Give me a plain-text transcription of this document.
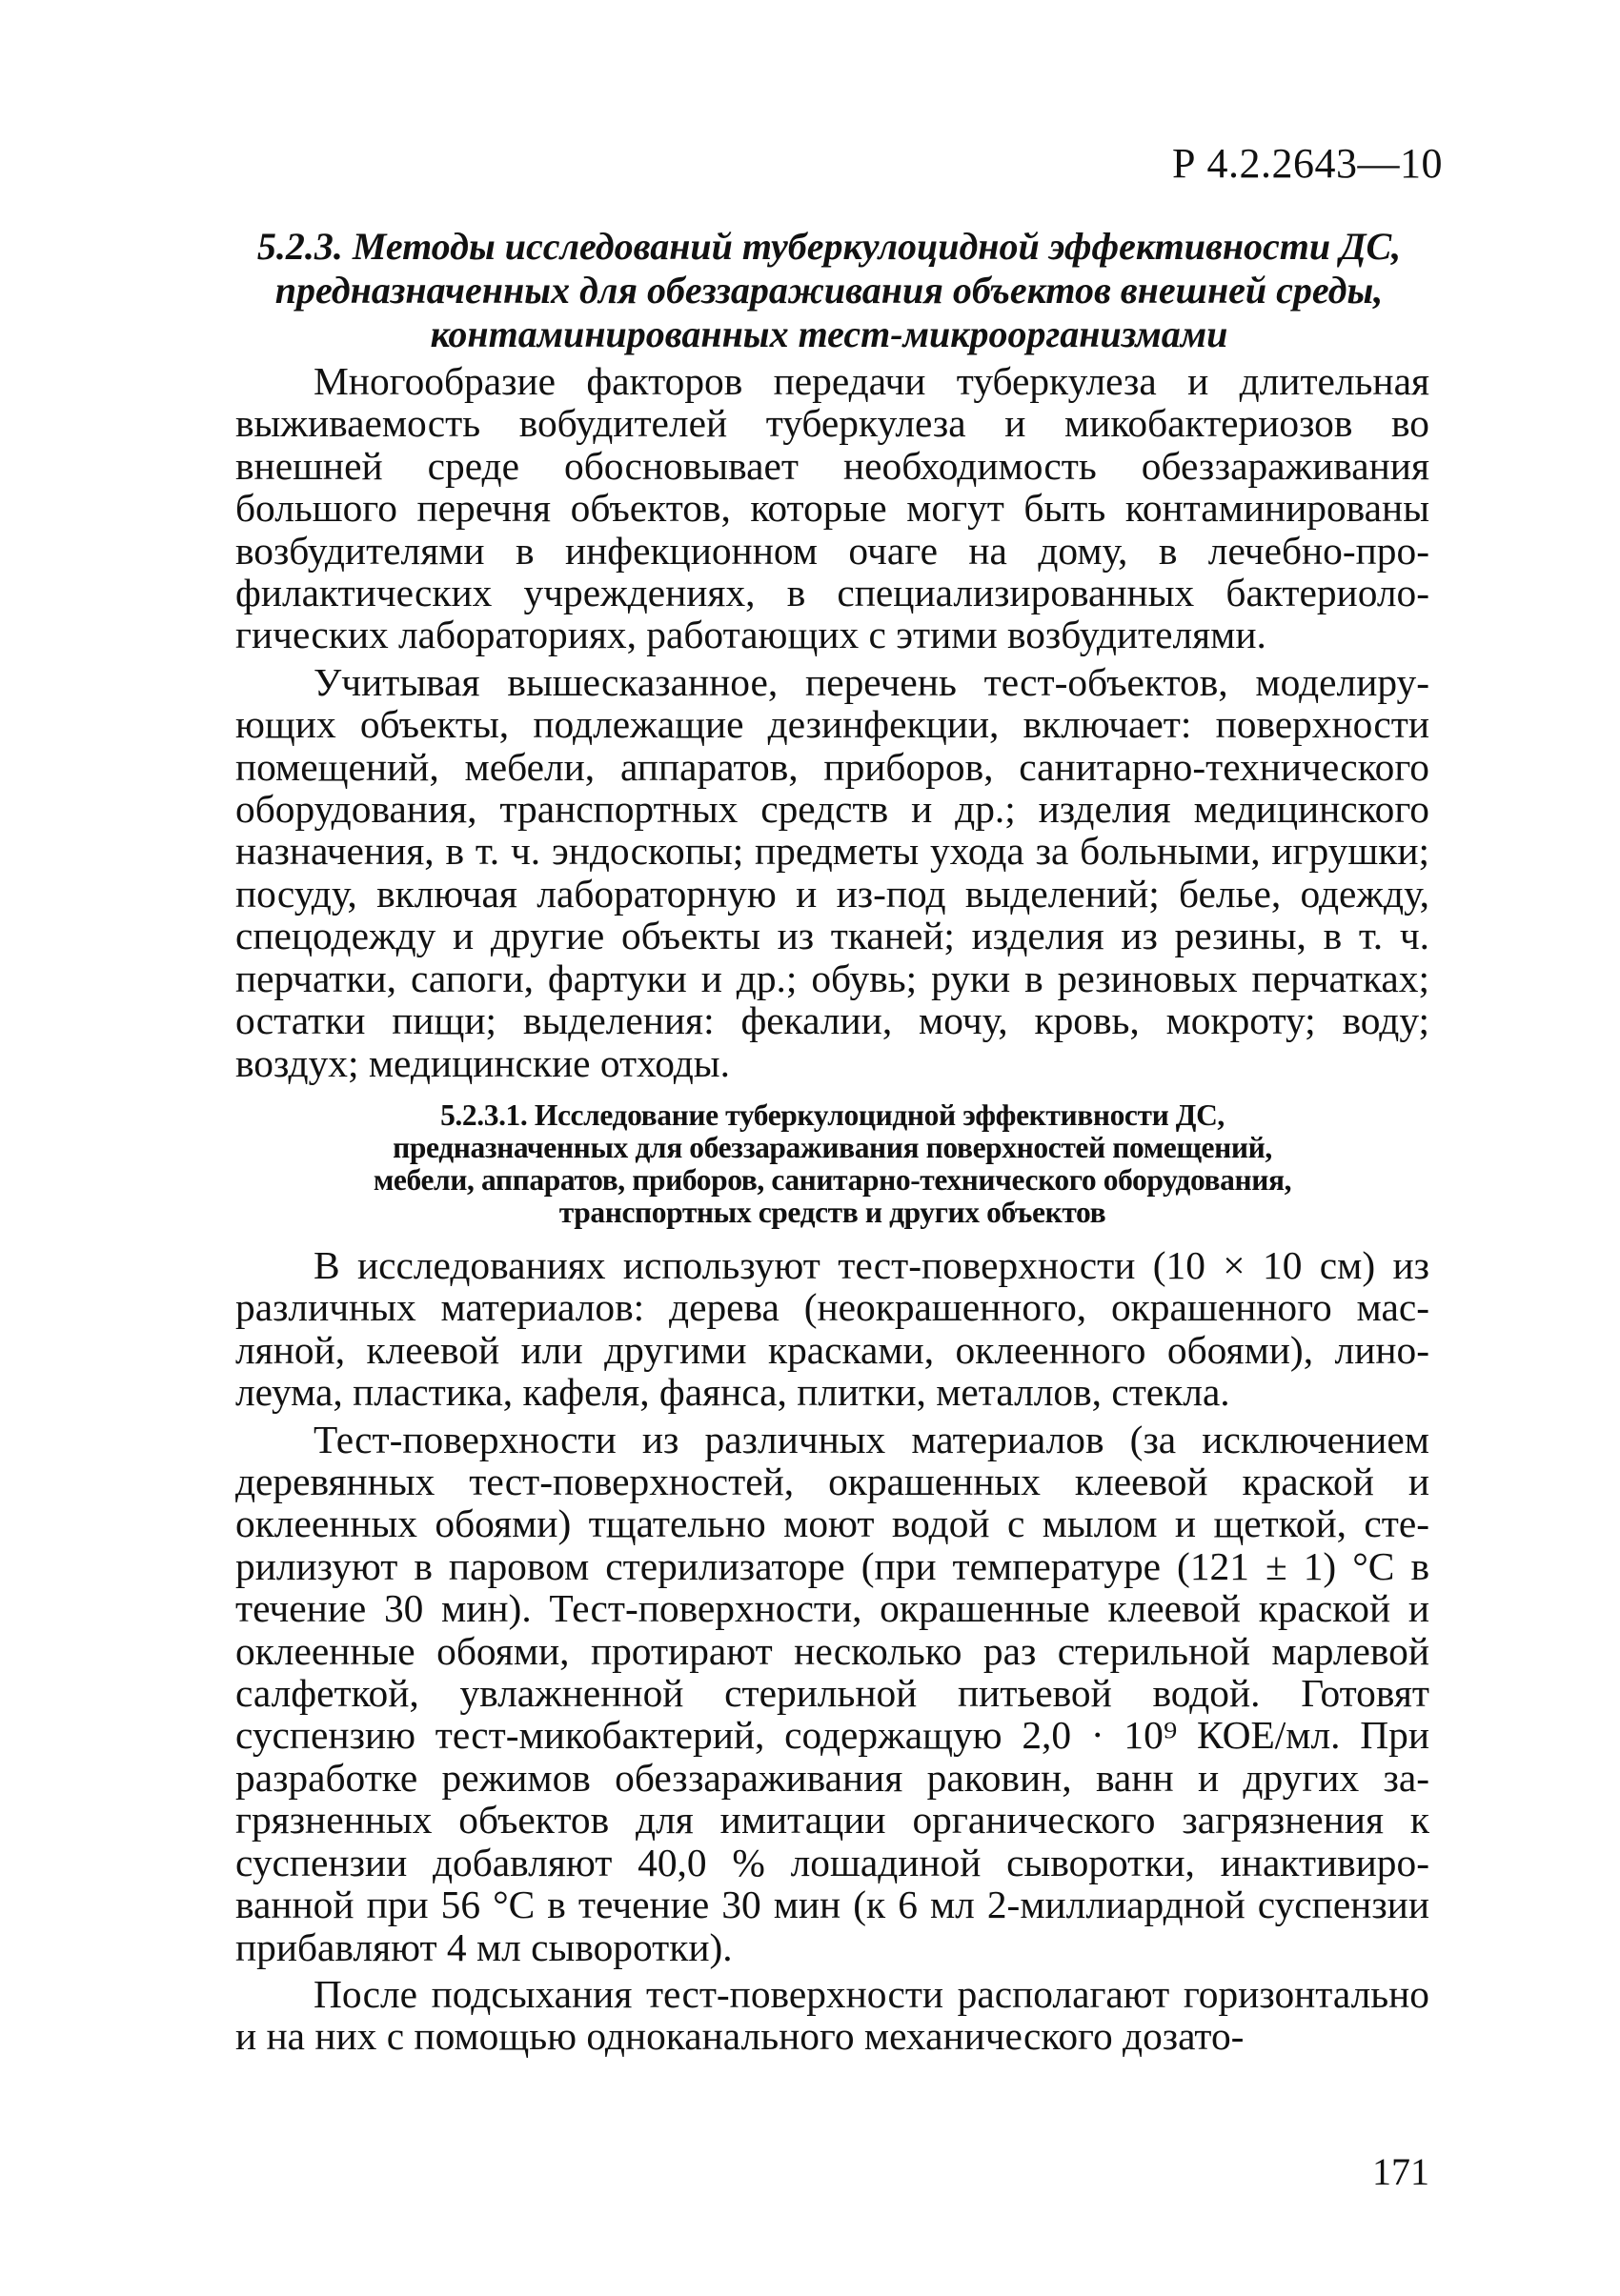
Р 4.2.2643—10
5.2.3. Методы исследований туберкулоцидной эффективности ДС,
предназначенных для обеззараживания объектов внешней среды,
контаминированных тест-микроорганизмами

Многообразие факторов передачи туберкулеза и длительная выживаемость вобудителей туберкулеза и микобактериозов во внешней среде обосновывает необходимость обеззараживания большого перечня объектов, которые могут быть контаминированы возбудителями в инфекционном очаге на дому, в лечебно-профилактических учреждениях, в специализированных бактериологических лабораториях, работающих с этими возбудителями.

Учитывая вышесказанное, перечень тест-объектов, моделирующих объекты, подлежащие дезинфекции, включает: поверхности помещений, мебели, аппаратов, приборов, санитарно-технического оборудования, транспортных средств и др.; изделия медицинского назначения, в т. ч. эндоскопы; предметы ухода за больными, игрушки; посуду, включая лабораторную и из-под выделений; белье, одежду, спецодежду и другие объекты из тканей; изделия из резины, в т. ч. перчатки, сапоги, фартуки и др.; обувь; руки в резиновых перчатках; остатки пищи; выделения: фекалии, мочу, кровь, мокроту; воду; воздух; медицинские отходы.

5.2.3.1. Исследование туберкулоцидной эффективности ДС,
предназначенных для обеззараживания поверхностей помещений,
мебели, аппаратов, приборов, санитарно-технического оборудования,
транспортных средств и других объектов

В исследованиях используют тест-поверхности (10 × 10 см) из различных материалов: дерева (неокрашенного, окрашенного масляной, клеевой или другими красками, оклеенного обоями), линолеума, пластика, кафеля, фаянса, плитки, металлов, стекла.

Тест-поверхности из различных материалов (за исключением деревянных тест-поверхностей, окрашенных клеевой краской и оклеенных обоями) тщательно моют водой с мылом и щеткой, стерилизуют в паровом стерилизаторе (при температуре (121 ± 1) °С в течение 30 мин). Тест-поверхности, окрашенные клеевой краской и оклеенные обоями, протирают несколько раз стерильной марлевой салфеткой, увлажненной стерильной питьевой водой. Готовят суспензию тест-микобактерий, содержащую 2,0 · 10⁹ КОЕ/мл. При разработке режимов обеззараживания раковин, ванн и других загрязненных объектов для имитации органического загрязнения к суспензии добавляют 40,0 % лошадиной сыворотки, инактивированной при 56 °С в течение 30 мин (к 6 мл 2-миллиардной суспензии прибавляют 4 мл сыворотки).

После подсыхания тест-поверхности располагают горизонтально и на них с помощью одноканального механического дозато-

171
